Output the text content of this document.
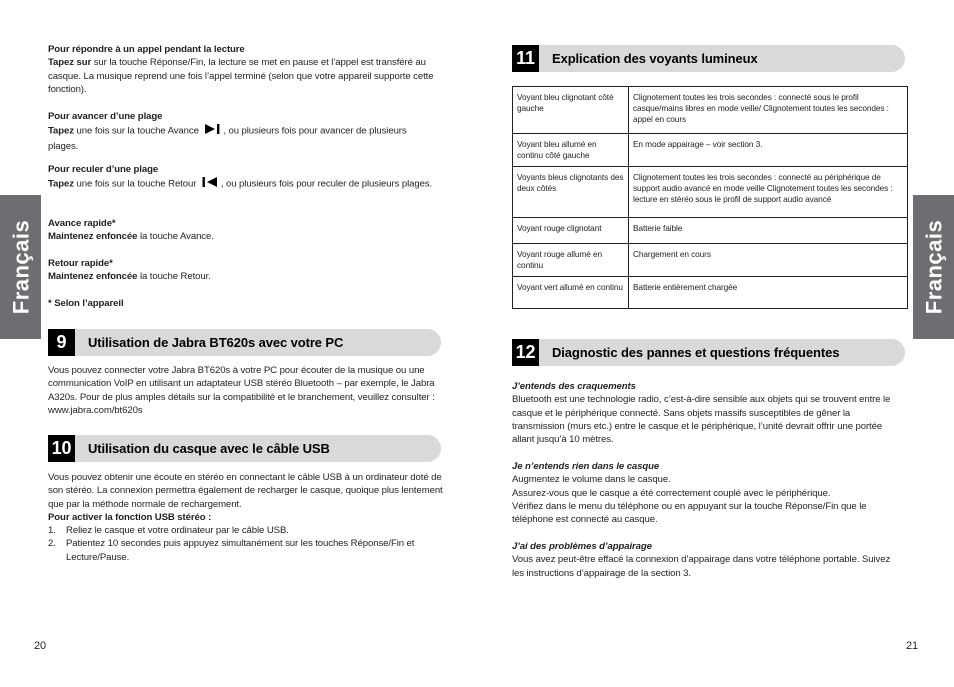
Pour répondre à un appel pendant la lecture
Tapez sur sur la touche Réponse/Fin, la lecture se met en pause et l’appel est transféré au casque. La musique reprend une fois l’appel terminé (selon que votre appareil supporte cette fonction).
Pour avancer d’une plage
Tapez une fois sur la touche Avance , ou plusieurs fois pour avancer de plusieurs plages.
Pour reculer d’une plage
Tapez une fois sur la touche Retour , ou plusieurs fois pour reculer de plusieurs plages.
Avance rapide*
Maintenez enfoncée la touche Avance.
Retour rapide*
Maintenez enfoncée la touche Retour.
* Selon l’appareil
9	Utilisation de Jabra BT620s avec votre PC
Vous pouvez connecter votre Jabra BT620s à votre PC pour écouter de la musique ou une communication VoIP en utilisant un adaptateur USB stéréo Bluetooth – par exemple, le Jabra A320s. Pour de plus amples détails sur la compatibilité et le branchement, veuillez consulter : www.jabra.com/bt620s
10 Utilisation du casque avec le câble USB
Vous pouvez obtenir une écoute en stéréo en connectant le câble USB à un ordinateur doté de son stéréo. La connexion permettra également de recharger le casque, quoique plus lentement que par la méthode normale de rechargement.
Pour activer la fonction USB stéréo :
1.	Reliez le casque et votre ordinateur par le câble USB.
2.	Patientez 10 secondes puis appuyez simultanément sur les touches Réponse/Fin et Lecture/Pause.
Français
20
11	Explication des voyants lumineux
Voyant bleu clignotant côté gauche	Clignotement toutes les trois secondes : connecté sous le profil casque/mains libres en mode veille/ Clignotement toutes les secondes : appel en cours
Voyant bleu allumé en continu côté gauche	En mode appairage – voir section 3.
Voyants bleus clignotants des deux côtés	Clignotement toutes les trois secondes : connecté au périphérique de support audio avancé en mode veille Clignotement toutes les secondes : lecture en stéréo sous le profil de support audio avancé
Voyant rouge clignotant	Batterie faible
Voyant rouge allumé en continu	Chargement en cours
Voyant vert allumé en continu	Batterie entièrement chargée
12 Diagnostic des pannes et questions fréquentes
J’entends des craquements
Bluetooth est une technologie radio, c’est-à-dire sensible aux objets qui se trouvent entre le casque et le périphérique connecté. Sans objets massifs susceptibles de gêner la transmission (murs etc.) entre le casque et le périphérique, l’unité devrait offrir une portée allant jusqu’à 10 mètres.
Je n’entends rien dans le casque
Augmentez le volume dans le casque.
Assurez-vous que le casque a été correctement couplé avec le périphérique.
Vérifiez dans le menu du téléphone ou en appuyant sur la touche Réponse/Fin que le téléphone est connecté au casque.
J’ai des problèmes d’appairage
Vous avez peut-être effacé la connexion d’appairage dans votre téléphone portable. Suivez les instructions d’appairage de la section 3.
Français
21
